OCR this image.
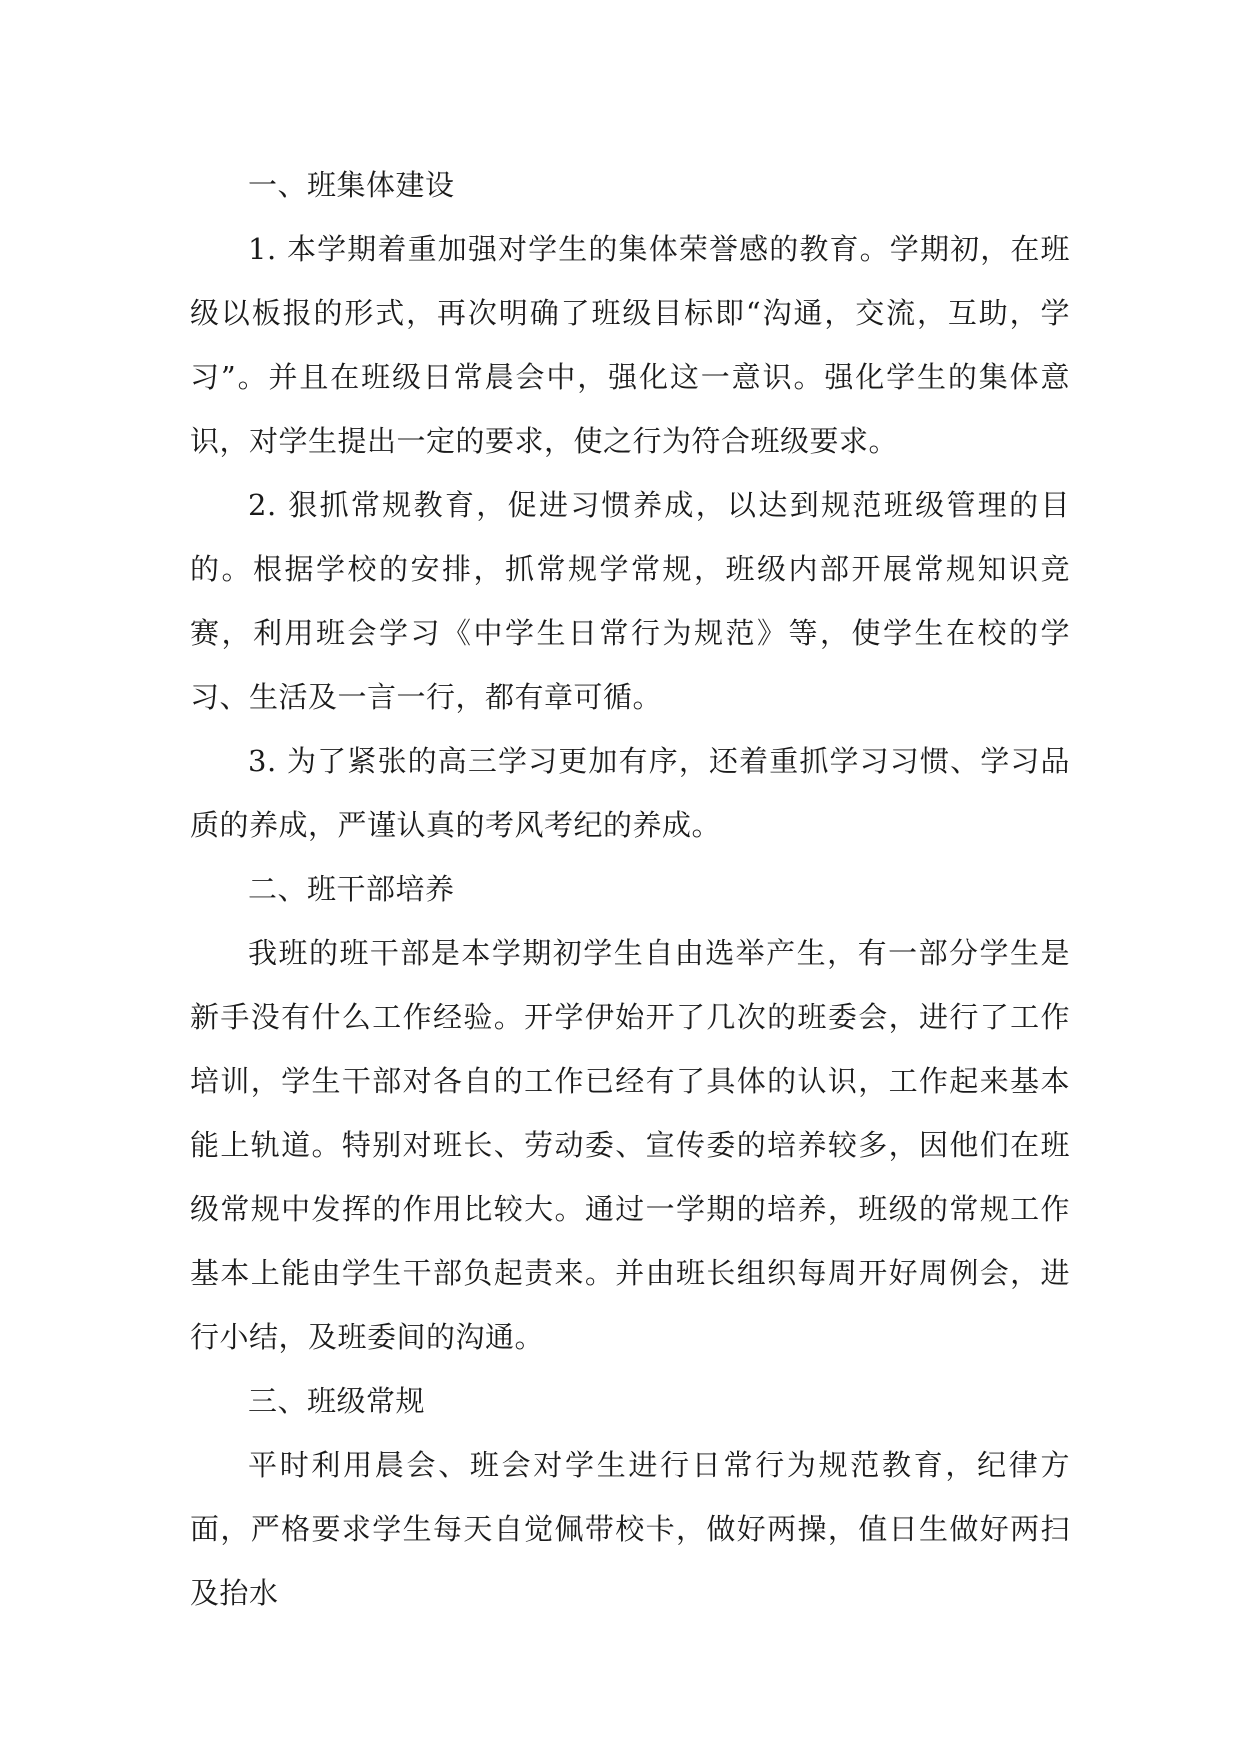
一、班集体建设

1. 本学期着重加强对学生的集体荣誉感的教育。学期初，在班级以板报的形式，再次明确了班级目标即“沟通，交流，互助，学习”。并且在班级日常晨会中，强化这一意识。强化学生的集体意识，对学生提出一定的要求，使之行为符合班级要求。

2. 狠抓常规教育，促进习惯养成，以达到规范班级管理的目的。根据学校的安排，抓常规学常规，班级内部开展常规知识竞赛，利用班会学习《中学生日常行为规范》等，使学生在校的学习、生活及一言一行，都有章可循。

3. 为了紧张的高三学习更加有序，还着重抓学习习惯、学习品质的养成，严谨认真的考风考纪的养成。

二、班干部培养

我班的班干部是本学期初学生自由选举产生，有一部分学生是新手没有什么工作经验。开学伊始开了几次的班委会，进行了工作培训，学生干部对各自的工作已经有了具体的认识，工作起来基本能上轨道。特别对班长、劳动委、宣传委的培养较多，因他们在班级常规中发挥的作用比较大。通过一学期的培养，班级的常规工作基本上能由学生干部负起责来。并由班长组织每周开好周例会，进行小结，及班委间的沟通。

三、班级常规

平时利用晨会、班会对学生进行日常行为规范教育，纪律方面，严格要求学生每天自觉佩带校卡，做好两操，值日生做好两扫及抬水
